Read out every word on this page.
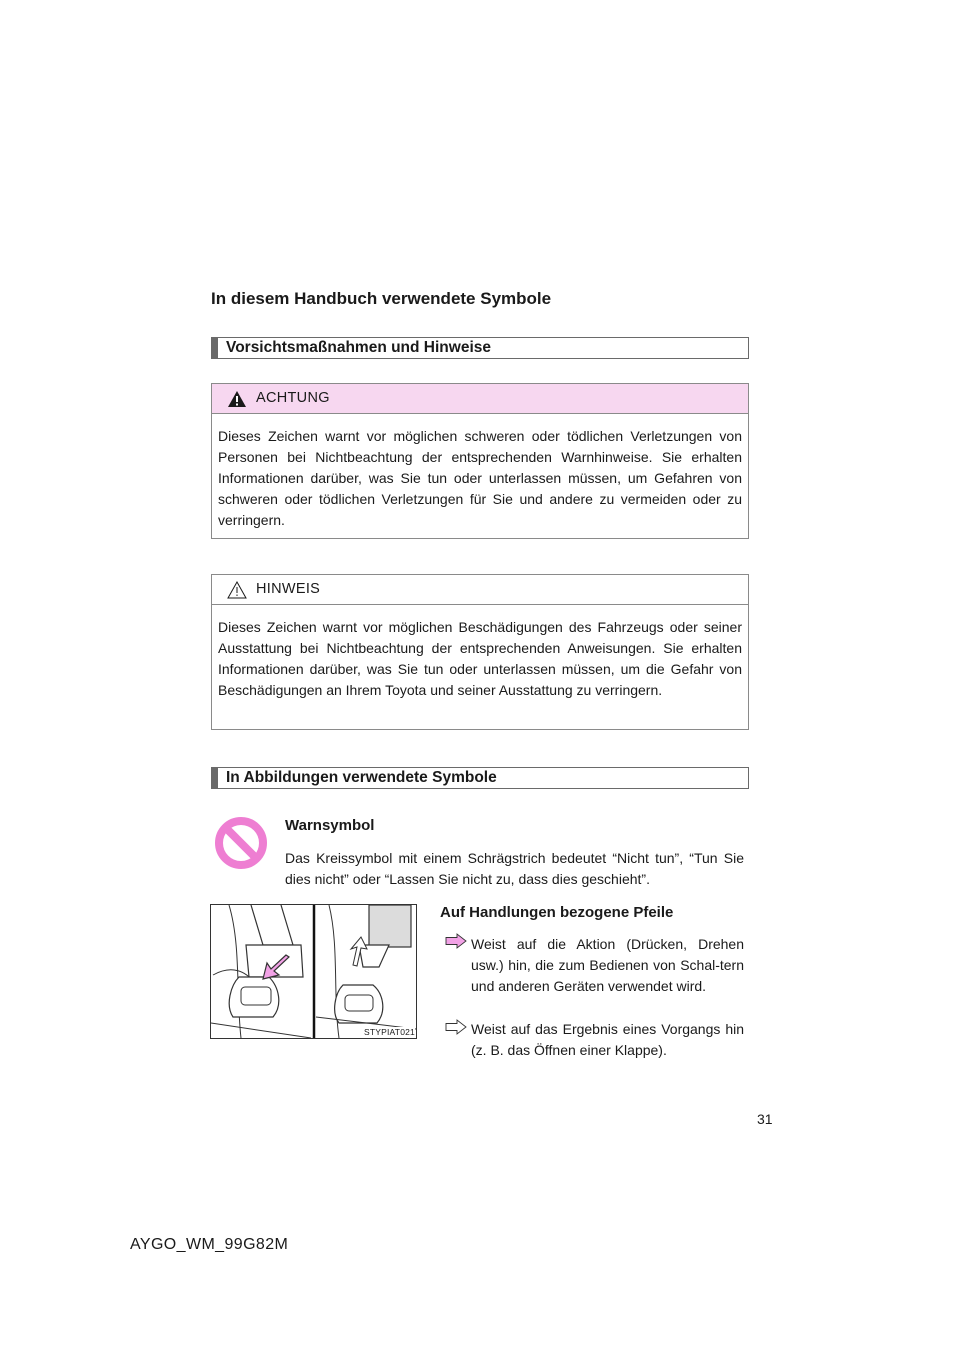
In diesem Handbuch verwendete Symbole
Vorsichtsmaßnahmen und Hinweise
ACHTUNG
Dieses Zeichen warnt vor möglichen schweren oder tödlichen Verletzungen von Personen bei Nichtbeachtung der entsprechenden Warnhinweise. Sie erhalten Informationen darüber, was Sie tun oder unterlassen müssen, um Gefahren von schweren oder tödlichen Verletzungen für Sie und andere zu vermeiden oder zu verringern.
HINWEIS
Dieses Zeichen warnt vor möglichen Beschädigungen des Fahrzeugs oder seiner Ausstattung bei Nichtbeachtung der entsprechenden Anweisungen. Sie erhalten Informationen darüber, was Sie tun oder unterlassen müssen, um die Gefahr von Beschädigungen an Ihrem Toyota und seiner Ausstattung zu verringern.
In Abbildungen verwendete Symbole
Warnsymbol
Das Kreissymbol mit einem Schrägstrich bedeutet “Nicht tun”, “Tun Sie dies nicht” oder “Lassen Sie nicht zu, dass dies geschieht”.
STYPIAT021
Auf Handlungen bezogene Pfeile
Weist auf die Aktion (Drücken, Drehen usw.) hin, die zum Bedienen von Schal-tern und anderen Geräten verwendet wird.
Weist auf das Ergebnis eines Vorgangs hin (z. B. das Öffnen einer Klappe).
31
AYGO_WM_99G82M
